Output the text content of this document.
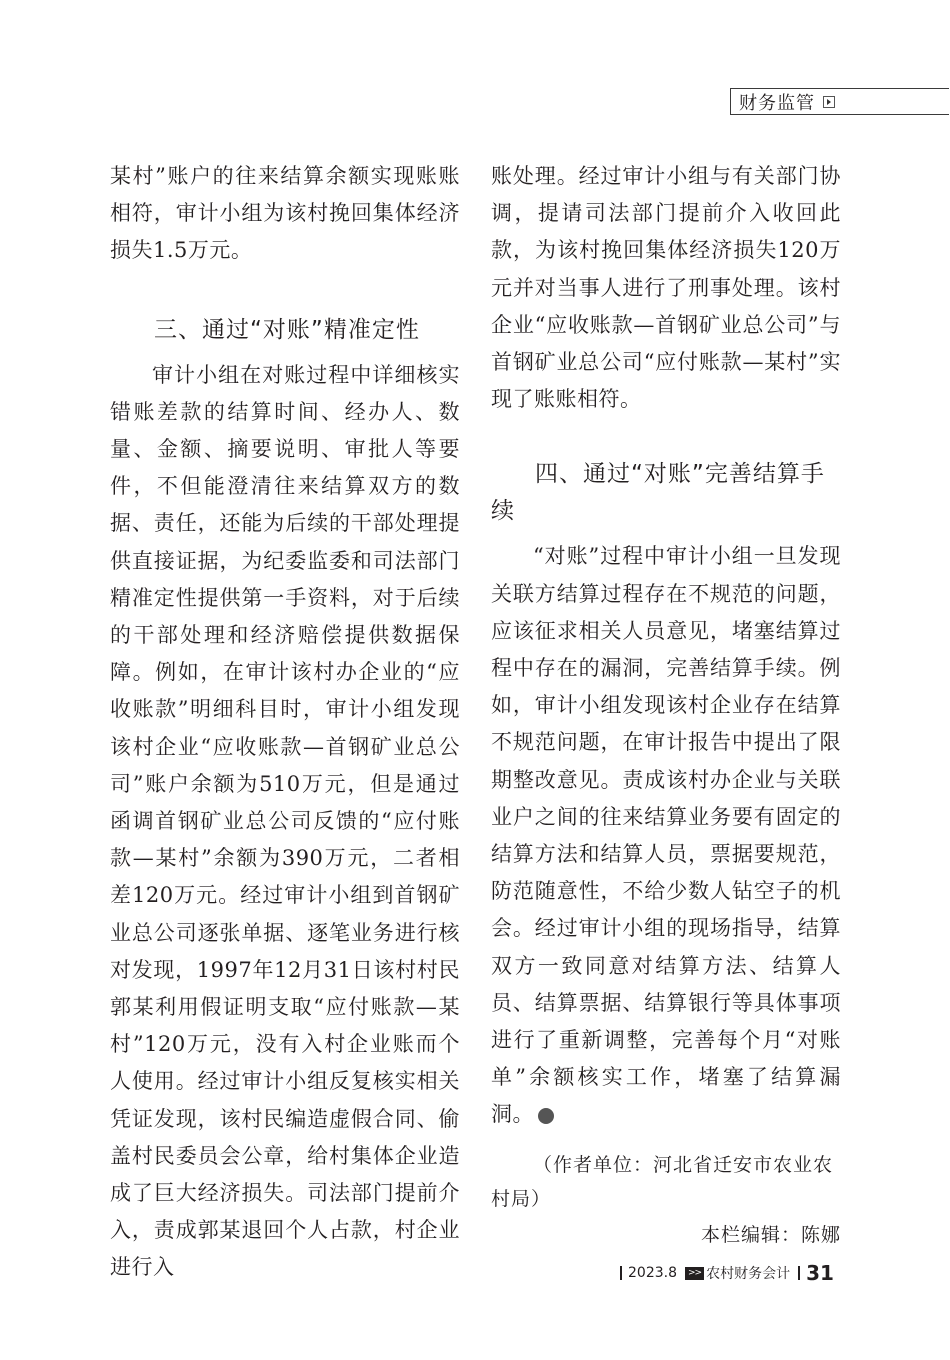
财务监管

某村”账户的往来结算余额实现账账相符，审计小组为该村挽回集体经济损失1.5万元。

三、通过“对账”精准定性

审计小组在对账过程中详细核实错账差款的结算时间、经办人、数量、金额、摘要说明、审批人等要件，不但能澄清往来结算双方的数据、责任，还能为后续的干部处理提供直接证据，为纪委监委和司法部门精准定性提供第一手资料，对于后续的干部处理和经济赔偿提供数据保障。例如，在审计该村办企业的“应收账款”明细科目时，审计小组发现该村企业“应收账款—首钢矿业总公司”账户余额为510万元，但是通过函调首钢矿业总公司反馈的“应付账款—某村”余额为390万元，二者相差120万元。经过审计小组到首钢矿业总公司逐张单据、逐笔业务进行核对发现，1997年12月31日该村村民郭某利用假证明支取“应付账款—某村”120万元，没有入村企业账而个人使用。经过审计小组反复核实相关凭证发现，该村民编造虚假合同、偷盖村民委员会公章，给村集体企业造成了巨大经济损失。司法部门提前介入，责成郭某退回个人占款，村企业进行入

账处理。经过审计小组与有关部门协调，提请司法部门提前介入收回此款，为该村挽回集体经济损失120万元并对当事人进行了刑事处理。该村企业“应收账款—首钢矿业总公司”与首钢矿业总公司“应付账款—某村”实现了账账相符。

四、通过“对账”完善结算手续

“对账”过程中审计小组一旦发现关联方结算过程存在不规范的问题，应该征求相关人员意见，堵塞结算过程中存在的漏洞，完善结算手续。例如，审计小组发现该村企业存在结算不规范问题，在审计报告中提出了限期整改意见。责成该村办企业与关联业户之间的往来结算业务要有固定的结算方法和结算人员，票据要规范，防范随意性，不给少数人钻空子的机会。经过审计小组的现场指导，结算双方一致同意对结算方法、结算人员、结算票据、结算银行等具体事项进行了重新调整，完善每个月“对账单”余额核实工作，堵塞了结算漏洞。	CK

（作者单位：河北省迁安市农业农村局）

本栏编辑：陈娜

2023.8	>> 农村财务会计 31
